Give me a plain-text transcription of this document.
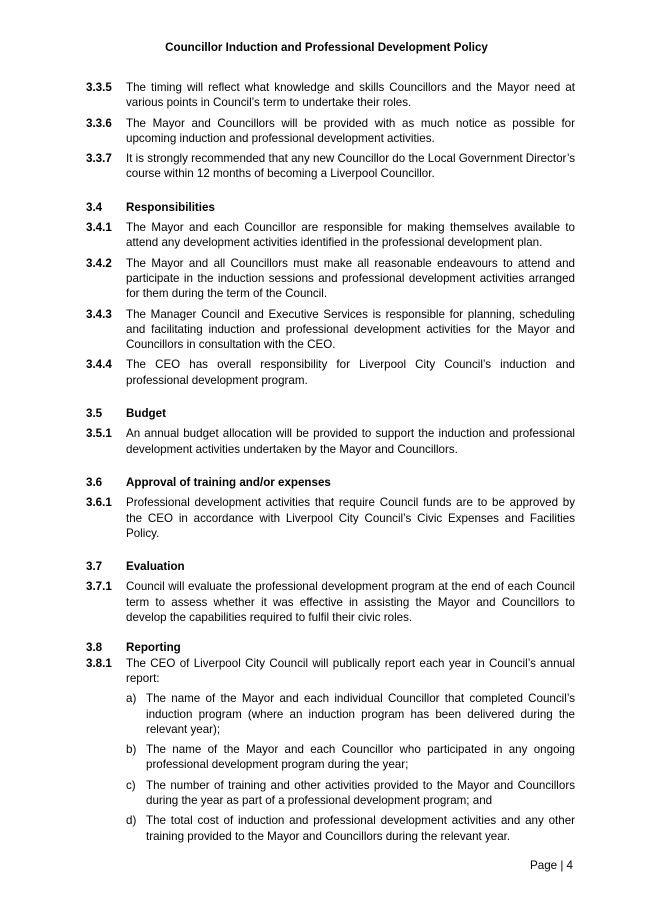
Councillor Induction and Professional Development Policy
3.3.5	The timing will reflect what knowledge and skills Councillors and the Mayor need at various points in Council’s term to undertake their roles.
3.3.6	The Mayor and Councillors will be provided with as much notice as possible for upcoming induction and professional development activities.
3.3.7	It is strongly recommended that any new Councillor do the Local Government Director’s course within 12 months of becoming a Liverpool Councillor.
3.4	Responsibilities
3.4.1	The Mayor and each Councillor are responsible for making themselves available to attend any development activities identified in the professional development plan.
3.4.2	The Mayor and all Councillors must make all reasonable endeavours to attend and participate in the induction sessions and professional development activities arranged for them during the term of the Council.
3.4.3	The Manager Council and Executive Services is responsible for planning, scheduling and facilitating induction and professional development activities for the Mayor and Councillors in consultation with the CEO.
3.4.4	The CEO has overall responsibility for Liverpool City Council’s induction and professional development program.
3.5	Budget
3.5.1	An annual budget allocation will be provided to support the induction and professional development activities undertaken by the Mayor and Councillors.
3.6	Approval of training and/or expenses
3.6.1	Professional development activities that require Council funds are to be approved by the CEO in accordance with Liverpool City Council’s Civic Expenses and Facilities Policy.
3.7	Evaluation
3.7.1	Council will evaluate the professional development program at the end of each Council term to assess whether it was effective in assisting the Mayor and Councillors to develop the capabilities required to fulfil their civic roles.
3.8	Reporting
3.8.1	The CEO of Liverpool City Council will publically report each year in Council’s annual report:
a) The name of the Mayor and each individual Councillor that completed Council’s induction program (where an induction program has been delivered during the relevant year);
b) The name of the Mayor and each Councillor who participated in any ongoing professional development program during the year;
c) The number of training and other activities provided to the Mayor and Councillors during the year as part of a professional development program; and
d) The total cost of induction and professional development activities and any other training provided to the Mayor and Councillors during the relevant year.
Page | 4
